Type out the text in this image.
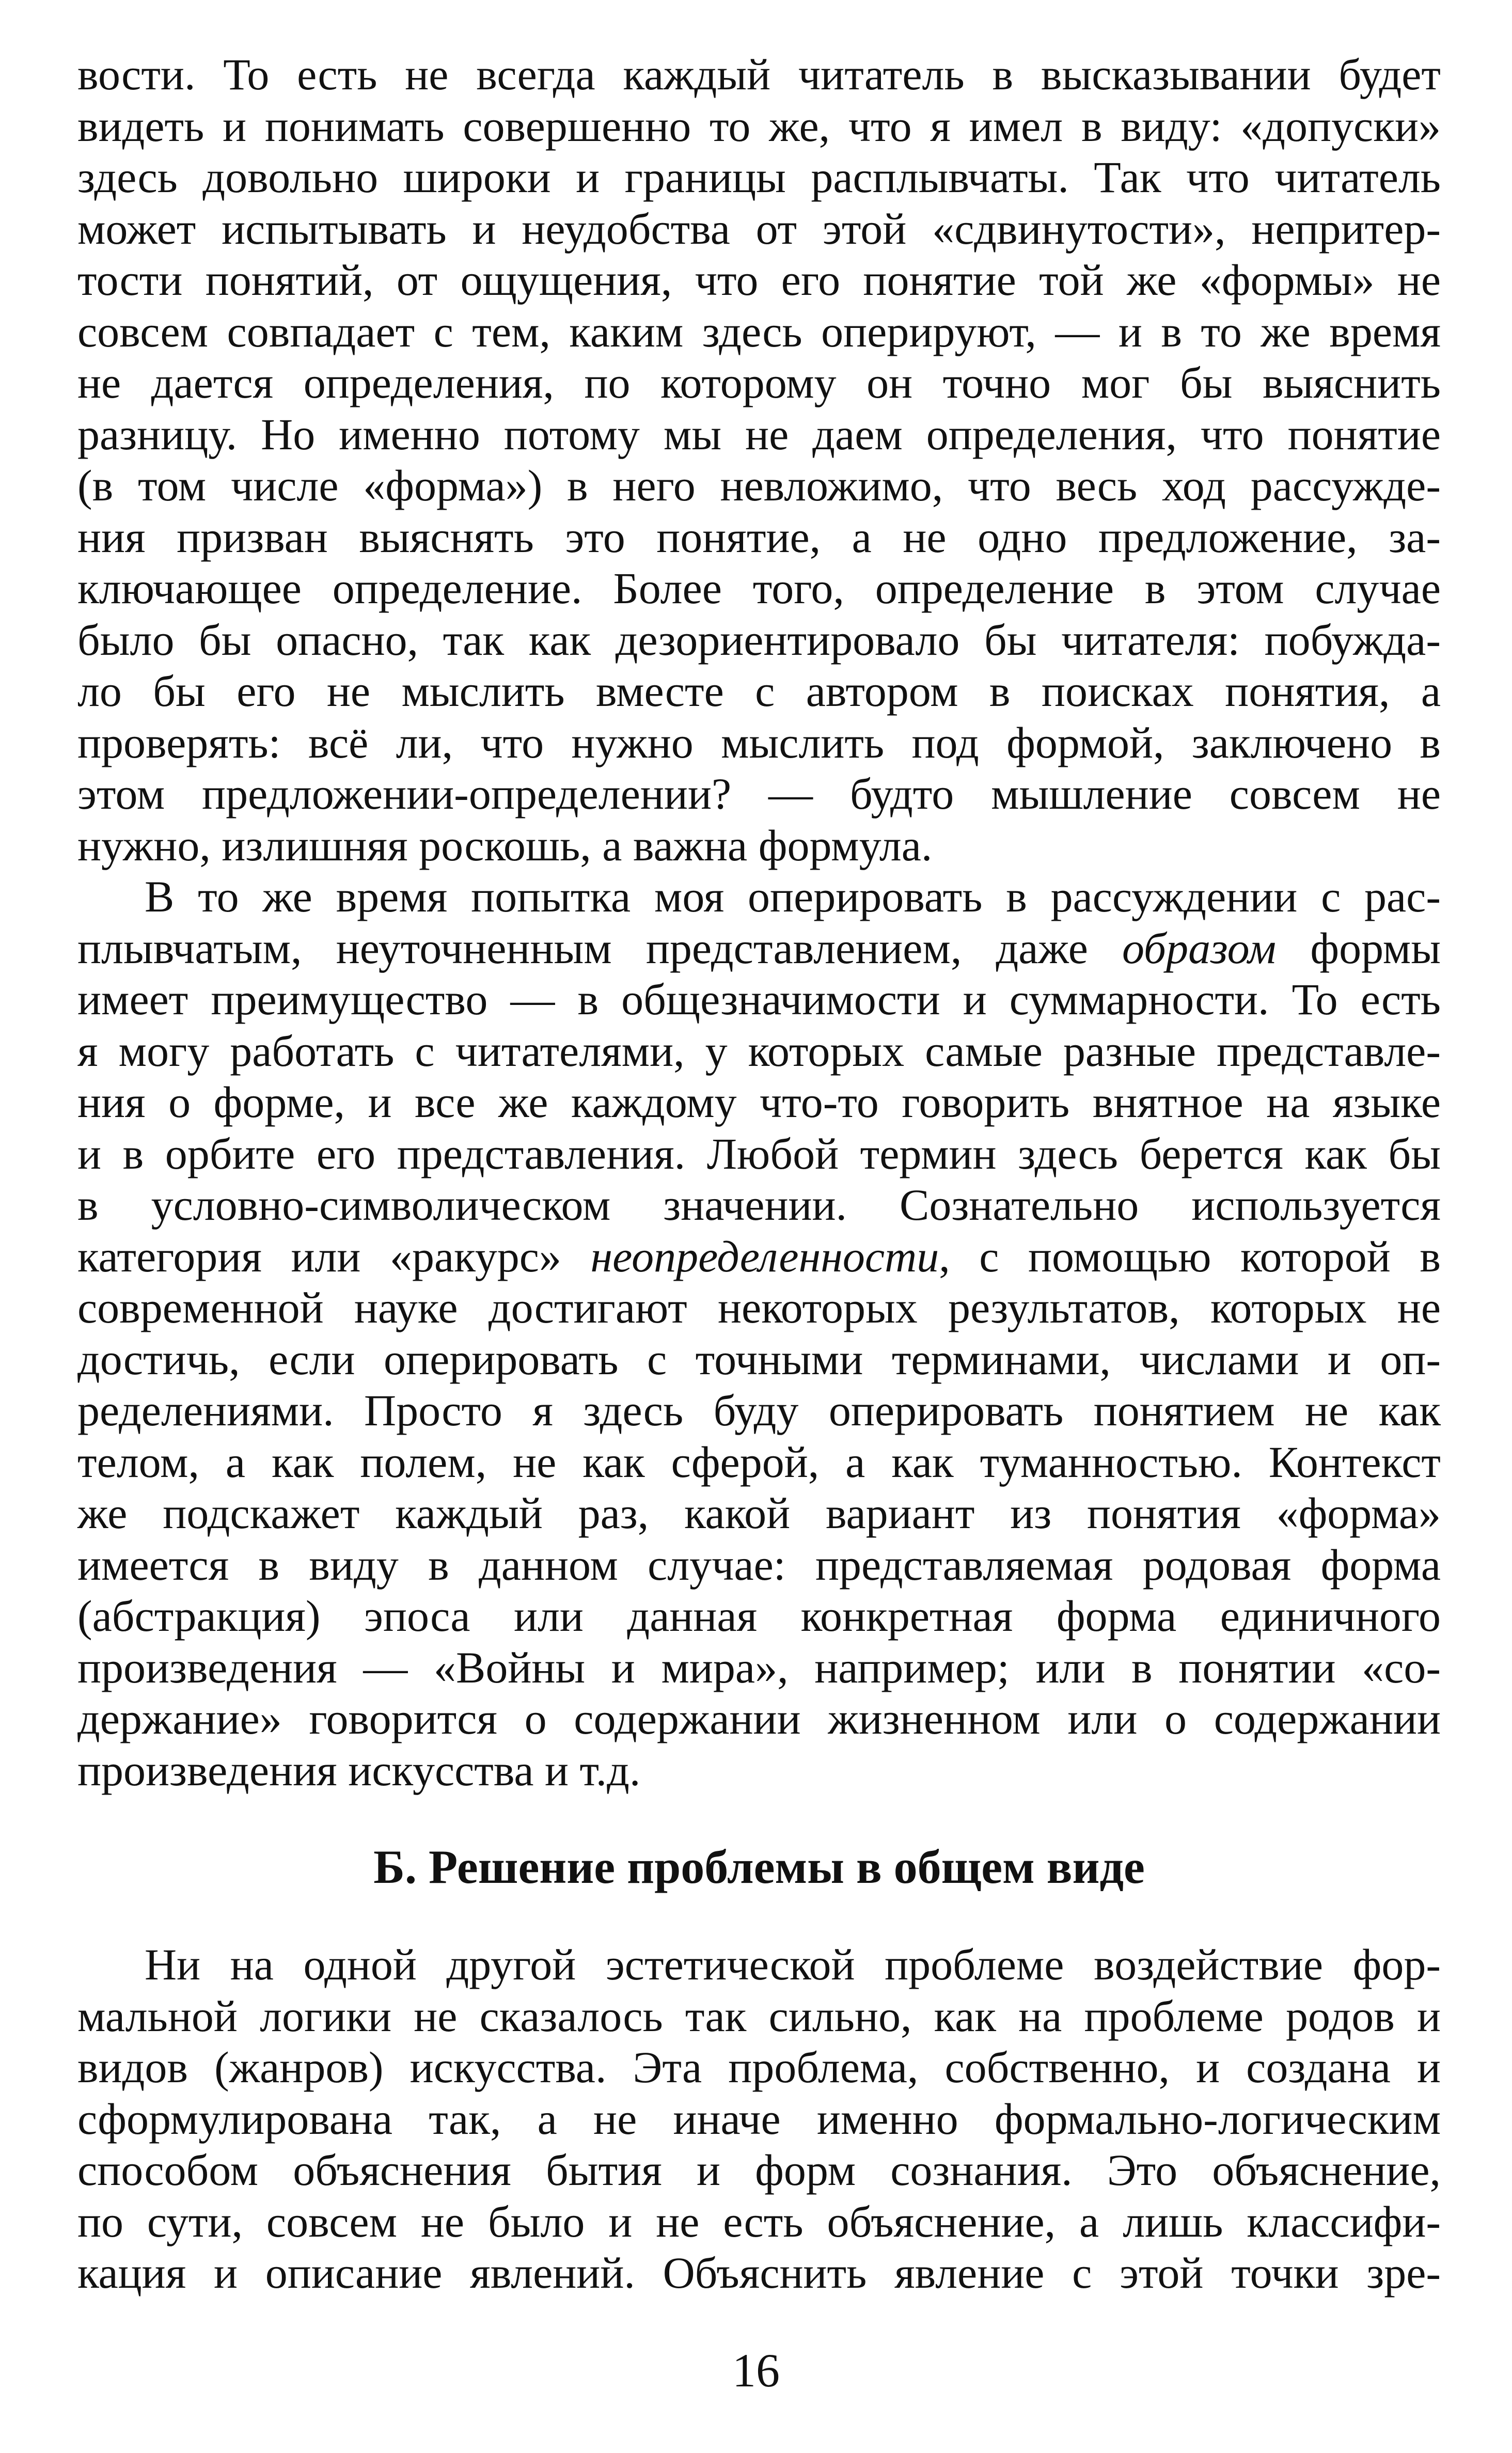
вости. То есть не всегда каждый читатель в высказывании будет
видеть и понимать совершенно то же, что я имел в виду: «допуски»
здесь довольно широки и границы расплывчаты. Так что читатель
может испытывать и неудобства от этой «сдвинутости», непритер-
тости понятий, от ощущения, что его понятие той же «формы» не
совсем совпадает с тем, каким здесь оперируют, — и в то же время
не дается определения, по которому он точно мог бы выяснить
разницу. Но именно потому мы не даем определения, что понятие
(в том числе «форма») в него невложимо, что весь ход рассужде-
ния призван выяснять это понятие, а не одно предложение, за-
ключающее определение. Более того, определение в этом случае
было бы опасно, так как дезориентировало бы читателя: побужда-
ло бы его не мыслить вместе с автором в поисках понятия, а
проверять: всё ли, что нужно мыслить под формой, заключено в
этом предложении-определении? — будто мышление совсем не
нужно, излишняя роскошь, а важна формула.
В то же время попытка моя оперировать в рассуждении с рас-
плывчатым, неуточненным представлением, даже образом формы
имеет преимущество — в общезначимости и суммарности. То есть
я могу работать с читателями, у которых самые разные представле-
ния о форме, и все же каждому что-то говорить внятное на языке
и в орбите его представления. Любой термин здесь берется как бы
в условно-символическом значении. Сознательно используется
категория или «ракурс» неопределенности, с помощью которой в
современной науке достигают некоторых результатов, которых не
достичь, если оперировать с точными терминами, числами и оп-
ределениями. Просто я здесь буду оперировать понятием не как
телом, а как полем, не как сферой, а как туманностью. Контекст
же подскажет каждый раз, какой вариант из понятия «форма»
имеется в виду в данном случае: представляемая родовая форма
(абстракция) эпоса или данная конкретная форма единичного
произведения — «Войны и мира», например; или в понятии «со-
держание» говорится о содержании жизненном или о содержании
произведения искусства и т.д.
Б. Решение проблемы в общем виде
Ни на одной другой эстетической проблеме воздействие фор-
мальной логики не сказалось так сильно, как на проблеме родов и
видов (жанров) искусства. Эта проблема, собственно, и создана и
сформулирована так, а не иначе именно формально-логическим
способом объяснения бытия и форм сознания. Это объяснение,
по сути, совсем не было и не есть объяснение, а лишь классифи-
кация и описание явлений. Объяснить явление с этой точки зре-
16
